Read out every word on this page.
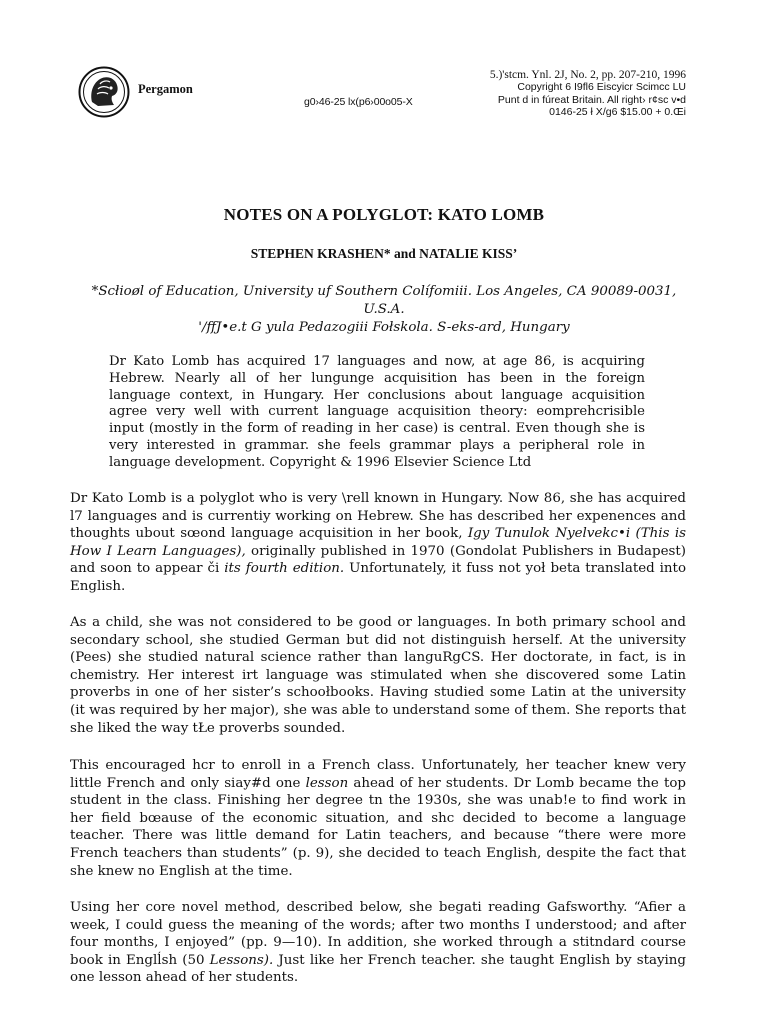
Pergamon
g0›46-25 lx(p6›00o05-X
5.)'stcm. Ynl. 2J, No. 2, pp. 207-210, 1996
Copyright 6 I9fl6 Eiscyicr Scimcc LU
Punt d in fúreat Britain. All right› r¢sc v•d
0146-25 ł X/g6 $15.00 + 0.Œi
NOTES ON A POLYGLOT: KATO LOMB
STEPHEN KRASHEN* and NATALIE KISS’
*Sсłioøl of Education, University uf Southern Colífomiii. Los Angeles, CA 90089-0031, U.S.A.
'/ffJ•e.t G yula Pedazogiii Fołskola. S-eks-ard, Hungary

Dr Kato Lomb has acquired 17 languages and now, at age 86, is acquiring Hebrew. Nearly all of her lungunge acquisition has been in the foreign language context, in Hungary. Her conclusions about language acquisition agree very well with current language acquisition theory: eomprehcrisible input (mostly in the form of reading in her case) is central. Even though she is very interested in grammar. she feels grammar plays a peripheral role in language development. Copyright & 1996 Elsevier Sciencе Ltd

Dr Kato Lomb is a polyglot who is very \rell known in Hungary. Now 86, she has acquired l7 languages and is currentiy working on Hebrew. She has described her expenences and thoughts ubout sœond language acquisition in her book, Igy Tunulok Nyelvekc•i (This is How I Learn Languages), originally published in 1970 (Gondolat Publishers in Budapest) and soon to appear či its fourth edition. Unfortunately, it fuss not yoł beta translated into English.

As a child, she was not considered to be good or languages. In both primary school and secondary school, she studied German but did not distinguish herself. At the university (Pees) she studied natural science rather than languRgCS. Her doctorate, in fact, is in chemistry. Her interest irt language was stimulated when she discovered some Latin proverbs in one of her sister’s schoołbooks. Having studied some Latin at the university (it was required by her major), she was able to understand some of them. She reports that she liked the way tŁe proverbs sounded.

This encouraged hcr to enroll in a French class. Unfortunately, her teacher knew very little French and only siay#d one lesson ahead of her students. Dr Lomb became the top student in the class. Finishing her degree tn the 1930s, she was unab!e to find work in her field bœause of the economic situation, and shc decided to become a language teacher. There was little demand for Latin teachers, and because “there were more French teachers than students” (p. 9), she decided to teach English, despite the fact that she knew no English at the time.

Using her core novel method, described below, she begati reading Gafsworthy. “Afier a week, I could guess the meaning of the words; after two months I understood; and after four months, I enjoyed” (pp. 9—10). In addition, she worked through a stitndard course book in Englĺsh (50 Lessons). Just like her French teacher. she taught English by staying one lesson ahead of her students.
